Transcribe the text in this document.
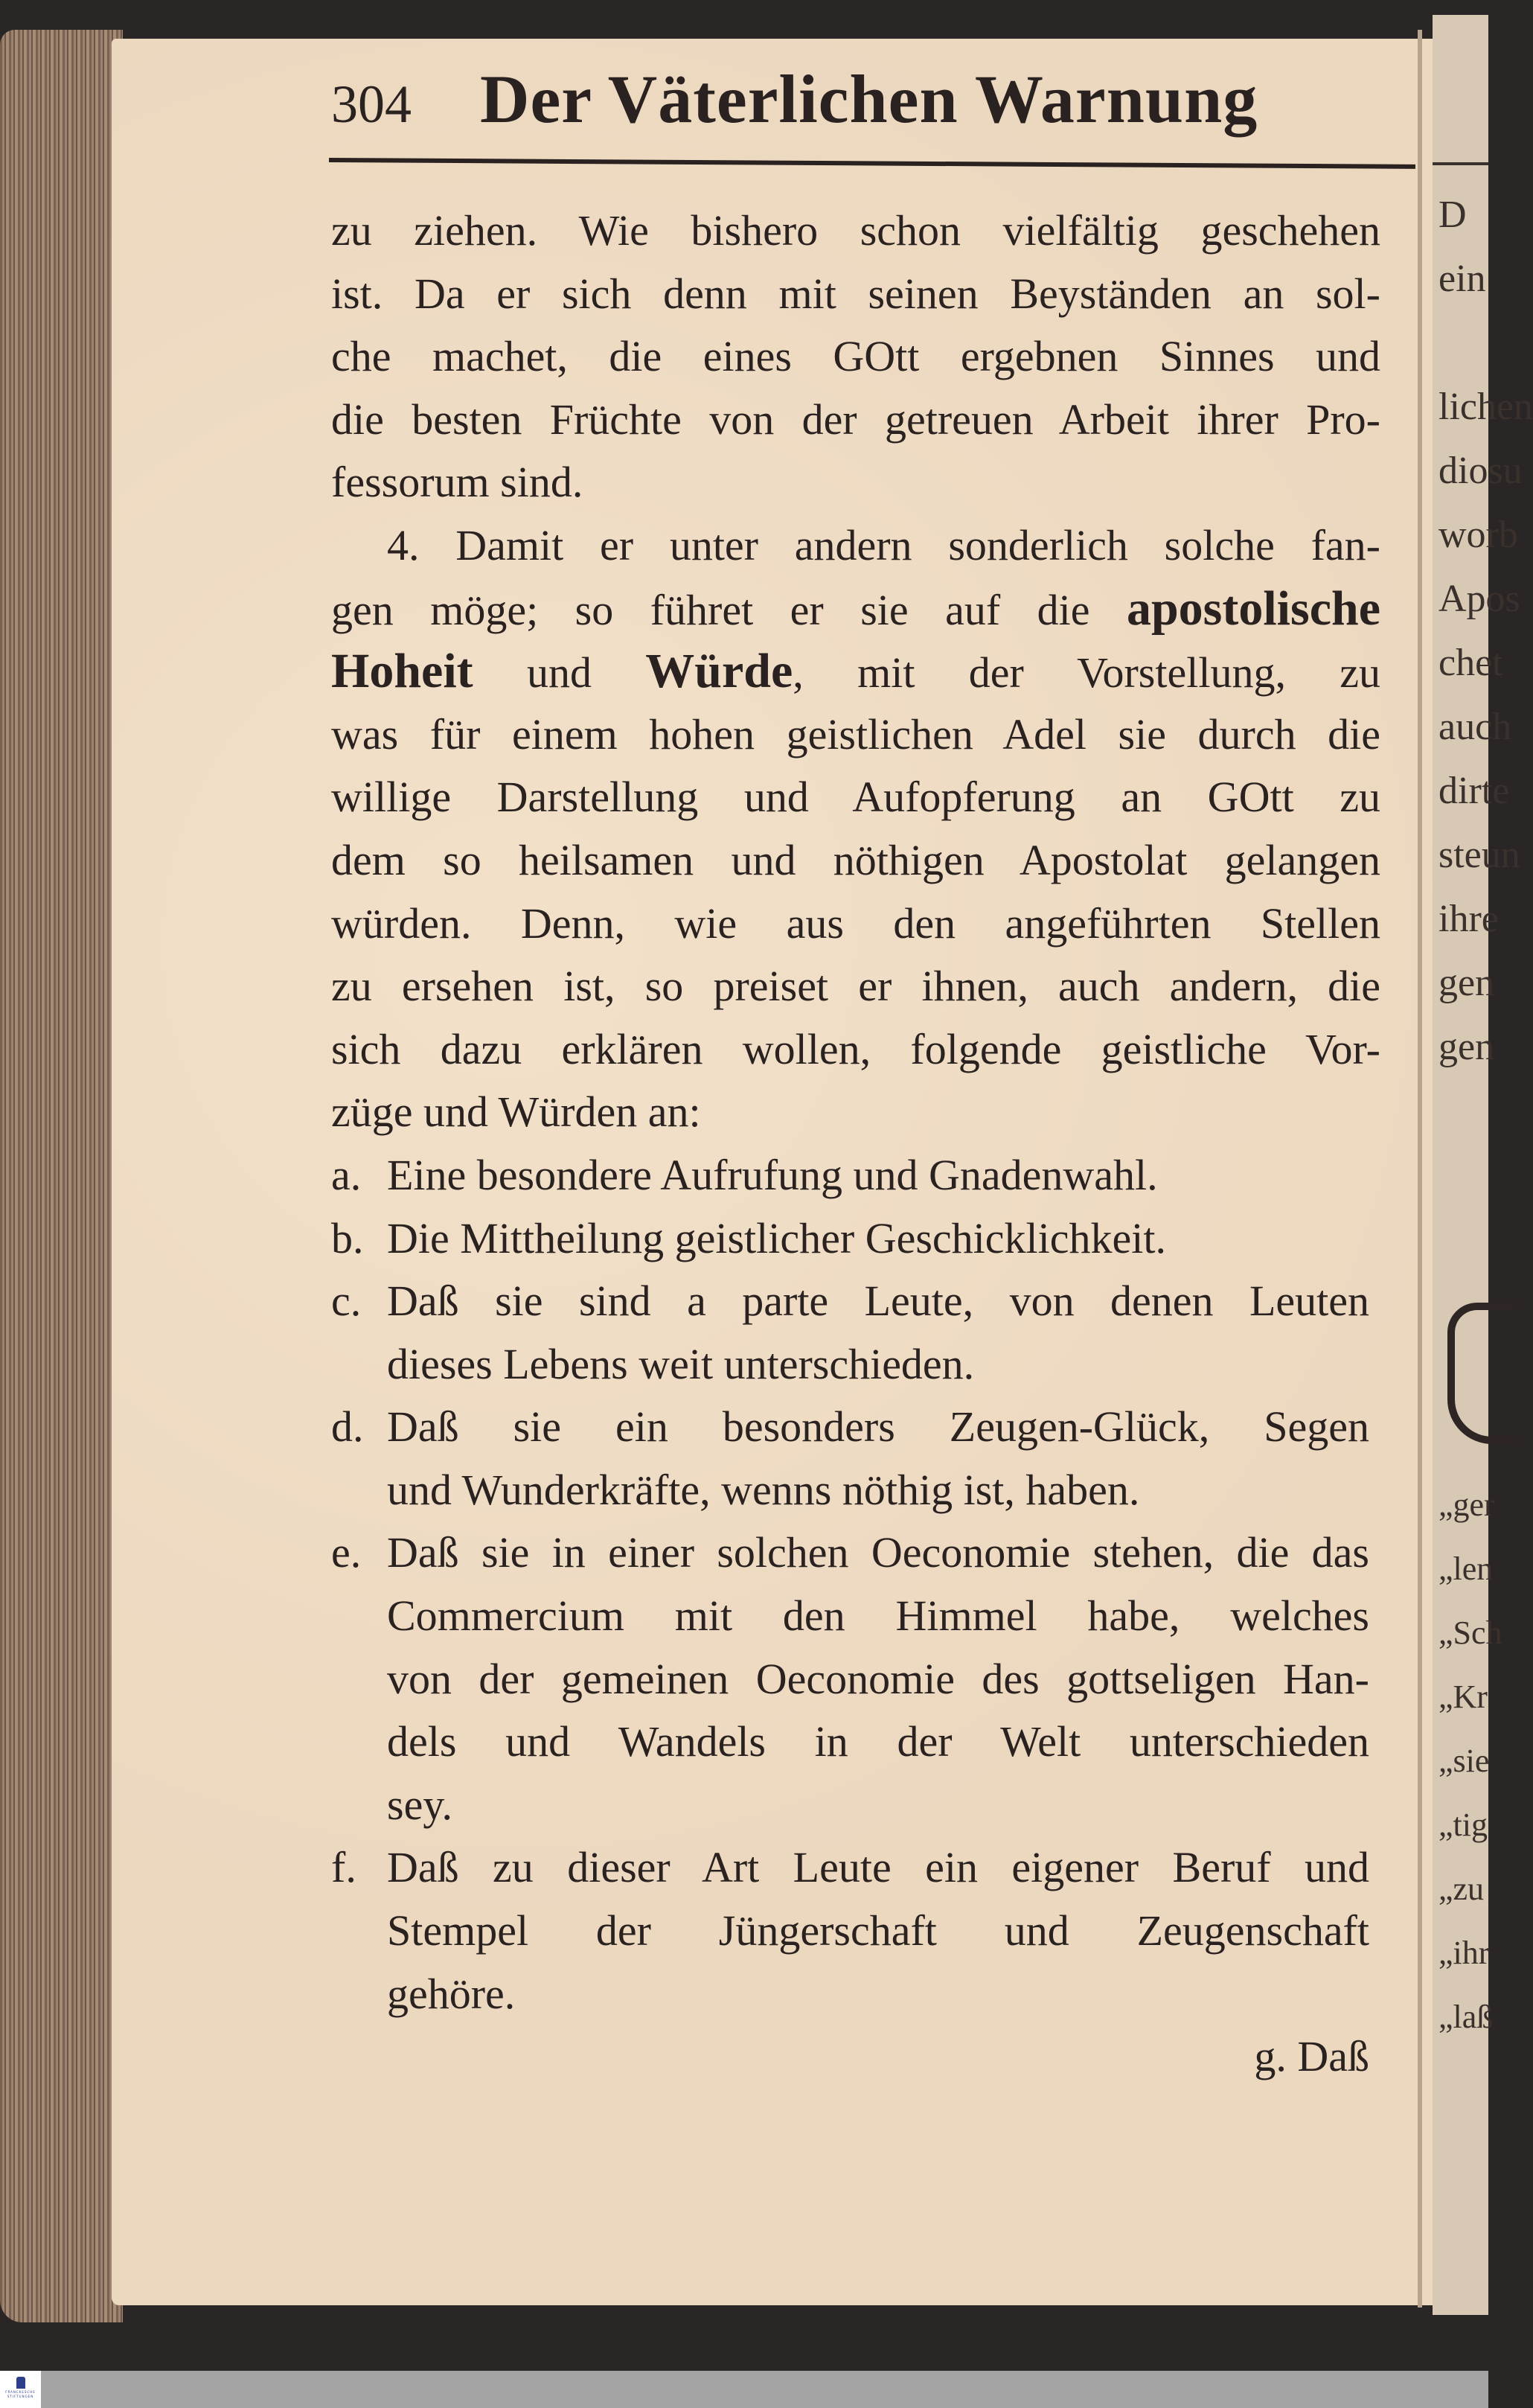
D
ein
lichen
diosu
worb
Apos
chet
auch
dirte
steun
ihre
gen
gen
„ger
„len
„Sch
„Kr
„sie
„tig
„zu
„ihr
„laß
304 Der Väterlichen Warnung
zu ziehen. Wie bishero schon vielfältig geschehen
ist. Da er sich denn mit seinen Beyständen an sol-
che machet, die eines GOtt ergebnen Sinnes und
die besten Früchte von der getreuen Arbeit ihrer Pro-
fessorum sind.
4. Damit er unter andern sonderlich solche fan-
gen möge; so führet er sie auf die apostolische
Hoheit und Würde, mit der Vorstellung, zu
was für einem hohen geistlichen Adel sie durch die
willige Darstellung und Aufopferung an GOtt zu
dem so heilsamen und nöthigen Apostolat gelangen
würden. Denn, wie aus den angeführten Stellen
zu ersehen ist, so preiset er ihnen, auch andern, die
sich dazu erklären wollen, folgende geistliche Vor-
züge und Würden an:
a. Eine besondere Aufrufung und Gnadenwahl.
b. Die Mittheilung geistlicher Geschicklichkeit.
c. Daß sie sind a parte Leute, von denen Leuten
dieses Lebens weit unterschieden.
d. Daß sie ein besonders Zeugen-Glück, Segen
und Wunderkräfte, wenns nöthig ist, haben.
e. Daß sie in einer solchen Oeconomie stehen, die das
Commercium mit den Himmel habe, welches
von der gemeinen Oeconomie des gottseligen Han-
dels und Wandels in der Welt unterschieden
sey.
f. Daß zu dieser Art Leute ein eigener Beruf und
Stempel der Jüngerschaft und Zeugenschaft
gehöre.
g. Daß
FRANCKESCHE
STIFTUNGEN
